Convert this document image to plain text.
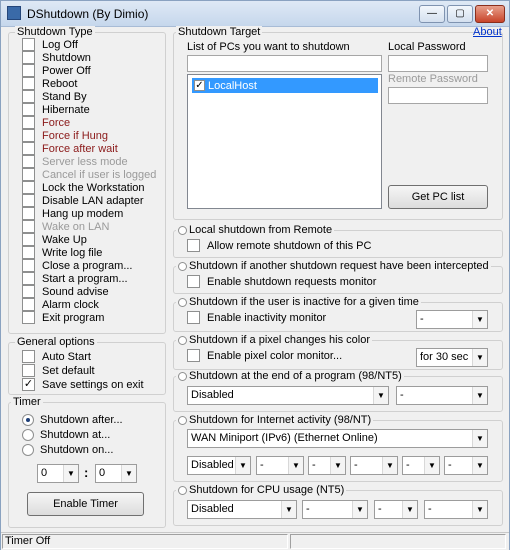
DShutdown (By Dimio)	—	▢	✕
Shutdown Type
Log Off
Shutdown
Power Off
Reboot
Stand By
Hibernate
Force
Force if Hung
Force after wait
Server less mode
Cancel if user is logged
Lock the Workstation
Disable LAN adapter
Hang up modem
Wake on LAN
Wake Up
Write log file
Close a program...
Start a program...
Sound advise
Alarm clock
Exit program
General options
Auto Start
Set default
✓ Save settings on exit
Timer
Shutdown after...
Shutdown at...
Shutdown on...
0	▼ : 0	▼
Enable Timer
Shutdown Target
List of PCs you want to shutdown
✓ LocalHost
Local Password
Remote Password
Get PC list
About
Local shutdown from Remote
Allow remote shutdown of this PC
Shutdown if another shutdown request have been intercepted
Enable shutdown requests monitor
Shutdown if the user is inactive for a given time
Enable inactivity monitor	-	▼
Shutdown if a pixel changes his color
Enable pixel color monitor...	for 30 sec ▼
Shutdown at the end of a program (98/NT5)
Disabled	▼	-	▼
Shutdown for Internet activity (98/NT)
WAN Miniport (IPv6) (Ethernet Online)	▼
Disabled ▼	-	▼	-	▼	-	▼	-	▼	-	▼
Shutdown for CPU usage (NT5)
Disabled	▼	-	▼	-	▼	-	▼
Timer Off
